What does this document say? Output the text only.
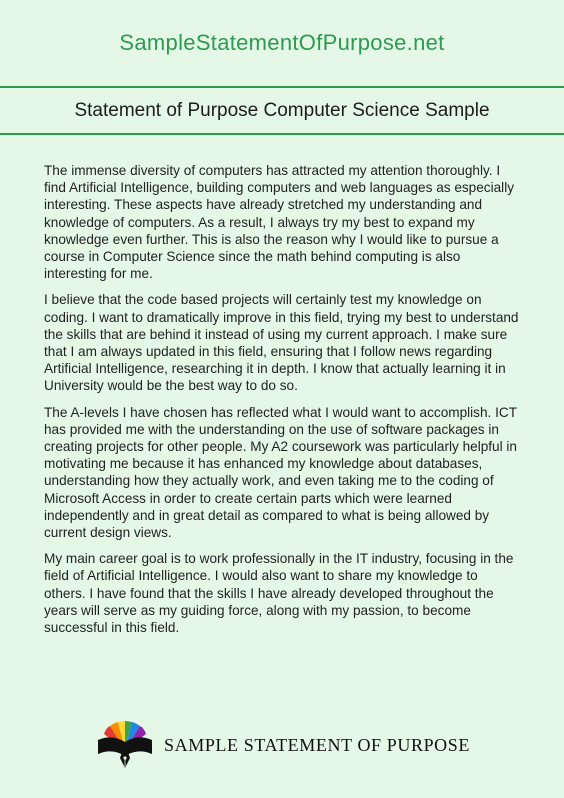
SampleStatementOfPurpose.net
Statement of Purpose Computer Science Sample

The immense diversity of computers has attracted my attention thoroughly. I find Artificial Intelligence, building computers and web languages as especially interesting. These aspects have already stretched my understanding and knowledge of computers. As a result, I always try my best to expand my knowledge even further. This is also the reason why I would like to pursue a course in Computer Science since the math behind computing is also interesting for me.

I believe that the code based projects will certainly test my knowledge on coding. I want to dramatically improve in this field, trying my best to understand the skills that are behind it instead of using my current approach. I make sure that I am always updated in this field, ensuring that I follow news regarding Artificial Intelligence, researching it in depth. I know that actually learning it in University would be the best way to do so.

The A-levels I have chosen has reflected what I would want to accomplish. ICT has provided me with the understanding on the use of software packages in creating projects for other people. My A2 coursework was particularly helpful in motivating me because it has enhanced my knowledge about databases, understanding how they actually work, and even taking me to the coding of Microsoft Access in order to create certain parts which were learned independently and in great detail as compared to what is being allowed by current design views.

My main career goal is to work professionally in the IT industry, focusing in the field of Artificial Intelligence. I would also want to share my knowledge to others. I have found that the skills I have already developed throughout the years will serve as my guiding force, along with my passion, to become successful in this field.

SAMPLE STATEMENT OF PURPOSE
